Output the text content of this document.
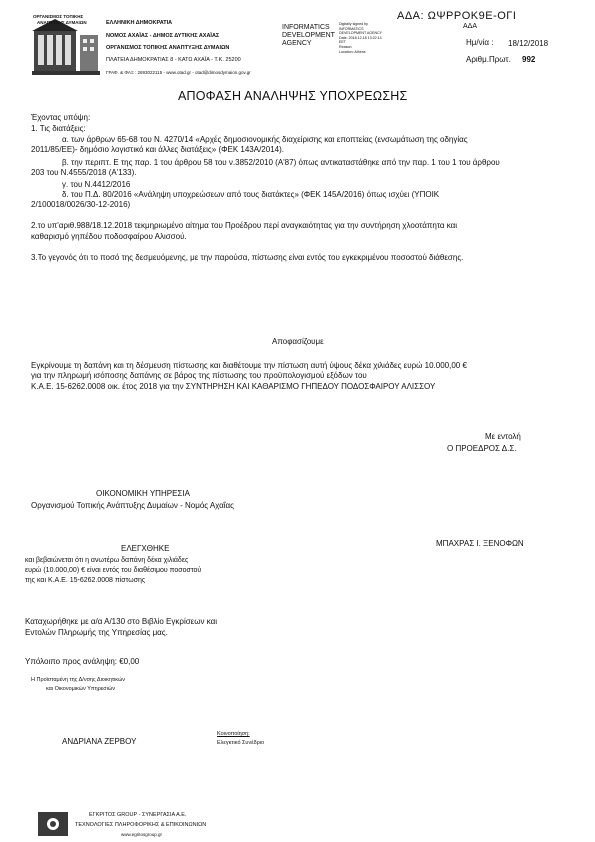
ΟΡΓΑΝΙΣΜΟΣ ΤΟΠΙΚΗΣ
ΑΝΑΠΤΥΞΗΣ ΔΥΜΑΙΩΝ	ΕΛΛΗΝΙΚΗ ΔΗΜΟΚΡΑΤΙΑ
ΝΟΜΟΣ ΑΧΑΪΑΣ - ΔΗΜΟΣ ΔΥΤΙΚΗΣ ΑΧΑΪΑΣ
ΟΡΓΑΝΙΣΜΟΣ ΤΟΠΙΚΗΣ ΑΝΑΠΤΥΞΗΣ ΔΥΜΑΙΩΝ
ΠΛΑΤΕΙΑ ΔΗΜΟΚΡΑΤΙΑΣ 8 - ΚΑΤΩ ΑΧΑΪΑ - Τ.Κ. 25200
ΓΡΑΦ. & ΦΑΞ : 2693022115 - www.otad.gr - otad@dimosdymaion.gov.gr
INFORMATICS
DEVELOPMENT
AGENCY
Digitally signed by
INFORMATICS
DEVELOPMENT AGENCY
Date: 2018.12.18 13:22:14
EET
Reason:
Location: Athens
ΑΔΑ: ΩΨΡΡΟΚ9Ε-ΟΓΙ
ΑΔΑ
Ημ/νία : 18/12/2018
Αριθμ.Πρωτ. 992
ΑΠΟΦΑΣΗ ΑΝΑΛΗΨΗΣ ΥΠΟΧΡΕΩΣΗΣ
Έχοντας υπόψη:
1. Τις διατάξεις:
α. των άρθρων 65-68 του Ν. 4270/14 «Αρχές δημοσιονομικής διαχείρισης και εποπτείας (ενσωμάτωση της οδηγίας
2011/85/ΕΕ)- δημόσιο λογιστικό και άλλες διατάξεις» (ΦΕΚ 143Α/2014).
β. την περιπτ. Ε της παρ. 1 του άρθρου 58 του ν.3852/2010 (Α'87) όπως αντικαταστάθηκε από την παρ. 1 του 1 του άρθρου
203 του Ν.4555/2018 (Α'133).
γ. του Ν.4412/2016
δ. του Π.Δ. 80/2016 «Ανάληψη υποχρεώσεων από τους διατάκτες» (ΦΕΚ 145Α/2016) όπως ισχύει (ΥΠΟΙΚ
2/100018/0026/30-12-2016)
2.το υπ'αριθ.988/18.12.2018 τεκμηριωμένο αίτημα του Προέδρου περί αναγκαιότητας για την συντήρηση χλοοτάπητα και
καθαρισμό γηπέδου ποδοσφαίρου Αλισσού.
3.Το γεγονός ότι το ποσό της δεσμευόμενης, με την παρούσα, πίστωσης είναι εντός του εγκεκριμένου ποσοστού διάθεσης.
Αποφασίζουμε
Εγκρίνουμε τη δαπάνη και τη δέσμευση πίστωσης και διαθέτουμε την πίστωση αυτή ύψους δέκα χιλιάδες ευρώ 10.000,00 €
για την πληρωμή ισόποσης δαπάνης σε βάρος της πίστωσης του προϋπολογισμού εξόδων του
Κ.Α.Ε. 15-6262.0008 οικ. έτος 2018 για την ΣΥΝΤΗΡΗΣΗ ΚΑΙ ΚΑΘΑΡΙΣΜΟ ΓΗΠΕΔΟΥ ΠΟΔΟΣΦΑΙΡΟΥ ΑΛΙΣΣΟΥ
Με εντολή
Ο ΠΡΟΕΔΡΟΣ Δ.Σ.
ΜΠΑΧΡΑΣ Ι. ΞΕΝΟΦΩΝ
ΟΙΚΟΝΟΜΙΚΗ ΥΠΗΡΕΣΙΑ
Οργανισμού Τοπικής Ανάπτυξης Δυμαίων - Νομός Αχαΐας
ΕΛΕΓΧΘΗΚΕ
και βεβαιώνεται ότι η ανωτέρω δαπάνη δέκα χιλιάδες
ευρώ (10.000,00) € είναι εντός του διαθέσιμου ποσοστού
της και Κ.Α.Ε. 15-6262.0008 πίστωσης
Καταχωρήθηκε με α/α Α/130 στο Βιβλίο Εγκρίσεων και
Εντολών Πληρωμής της Υπηρεσίας μας.
Υπόλοιπο προς ανάληψη: €0,00
Η Προϊσταμένη της Δ/νσης Διοικητικών
και Οικονομικών Υπηρεσιών
ΑΝΔΡΙΑΝΑ ΖΕΡΒΟΥ
Κοινοποίηση:
Ελεγκτικό Συνέδριο
ΕΓΚΡΙΤΟΣ GROUP - ΣΥΝΕΡΓΑΣΙΑ Α.Ε.
ΤΕΧΝΟΛΟΓΙΕΣ ΠΛΗΡΟΦΟΡΙΚΗΣ & ΕΠΙΚΟΙΝΩΝΙΩΝ
www.egritosgroup.gr
